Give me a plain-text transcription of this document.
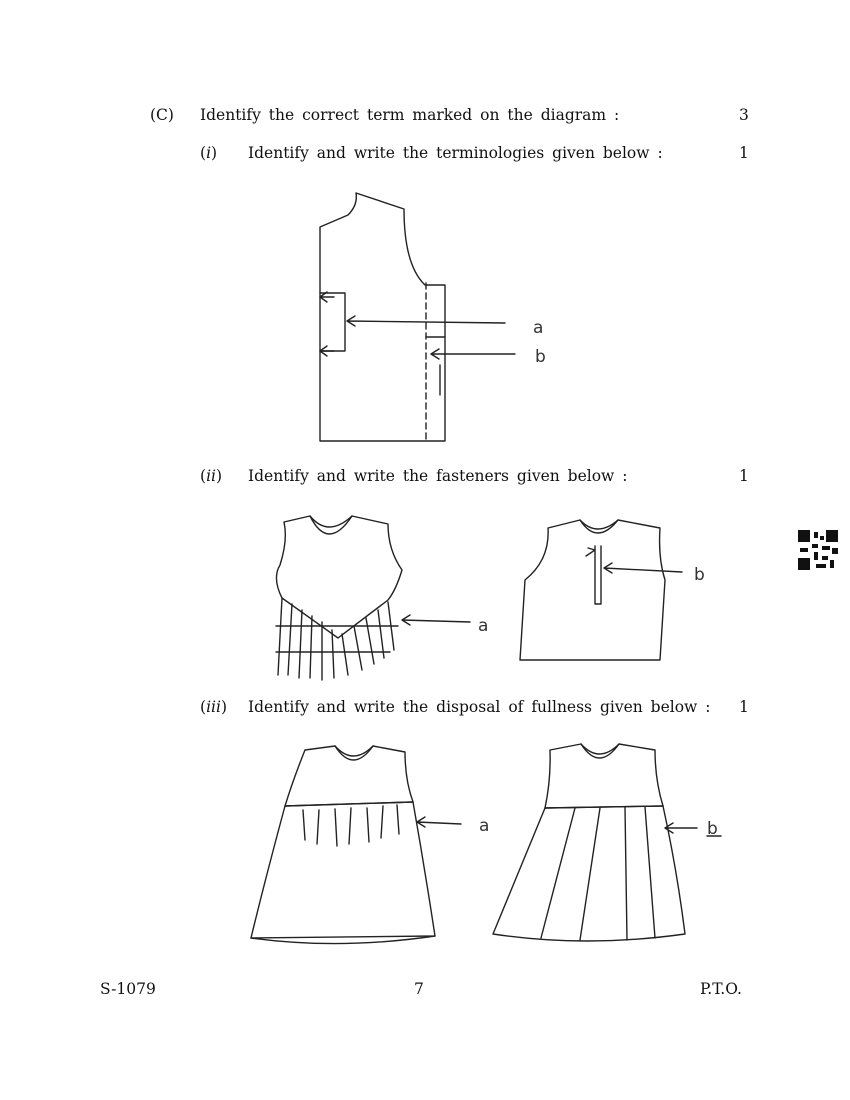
(C) Identify the correct term marked on the diagram :	3
(i) Identify and write the terminologies given below :	1
a
b
(ii) Identify and write the fasteners given below :	1
a
b
(iii) Identify and write the disposal of fullness given below : 1
a	b
S-1079	7	P.T.O.
